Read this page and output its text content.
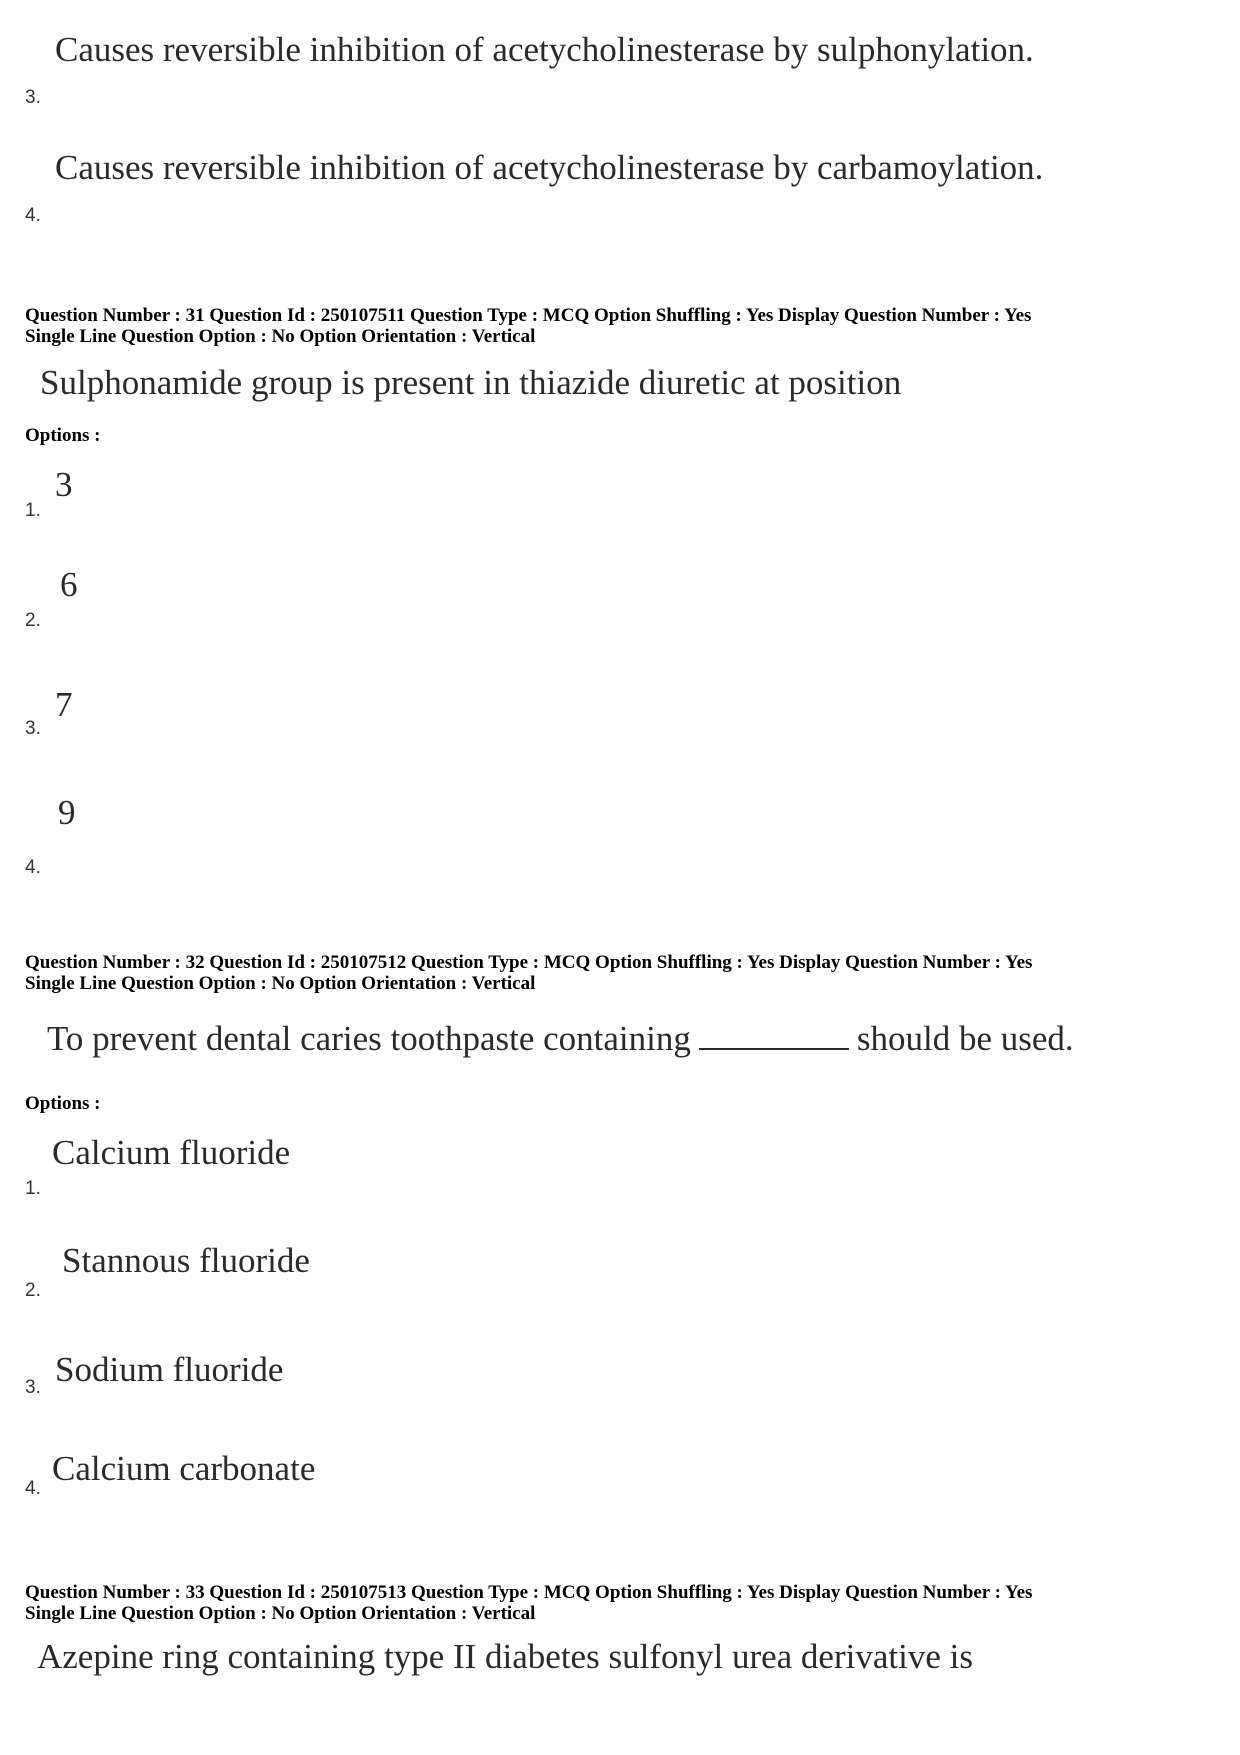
Causes reversible inhibition of acetycholinesterase by sulphonylation.
3.
Causes reversible inhibition of acetycholinesterase by carbamoylation.
4.
Question Number : 31 Question Id : 250107511 Question Type : MCQ Option Shuffling : Yes Display Question Number : Yes
Single Line Question Option : No Option Orientation : Vertical
Sulphonamide group is present in thiazide diuretic at position
Options :
3
1.
6
2.
7
3.
9
4.
Question Number : 32 Question Id : 250107512 Question Type : MCQ Option Shuffling : Yes Display Question Number : Yes
Single Line Question Option : No Option Orientation : Vertical
To prevent dental caries toothpaste containing	should be used.
Options :
Calcium fluoride
1.
Stannous fluoride
2.
Sodium fluoride
3.
Calcium carbonate
4.
Question Number : 33 Question Id : 250107513 Question Type : MCQ Option Shuffling : Yes Display Question Number : Yes
Single Line Question Option : No Option Orientation : Vertical
Azepine ring containing type II diabetes sulfonyl urea derivative is
